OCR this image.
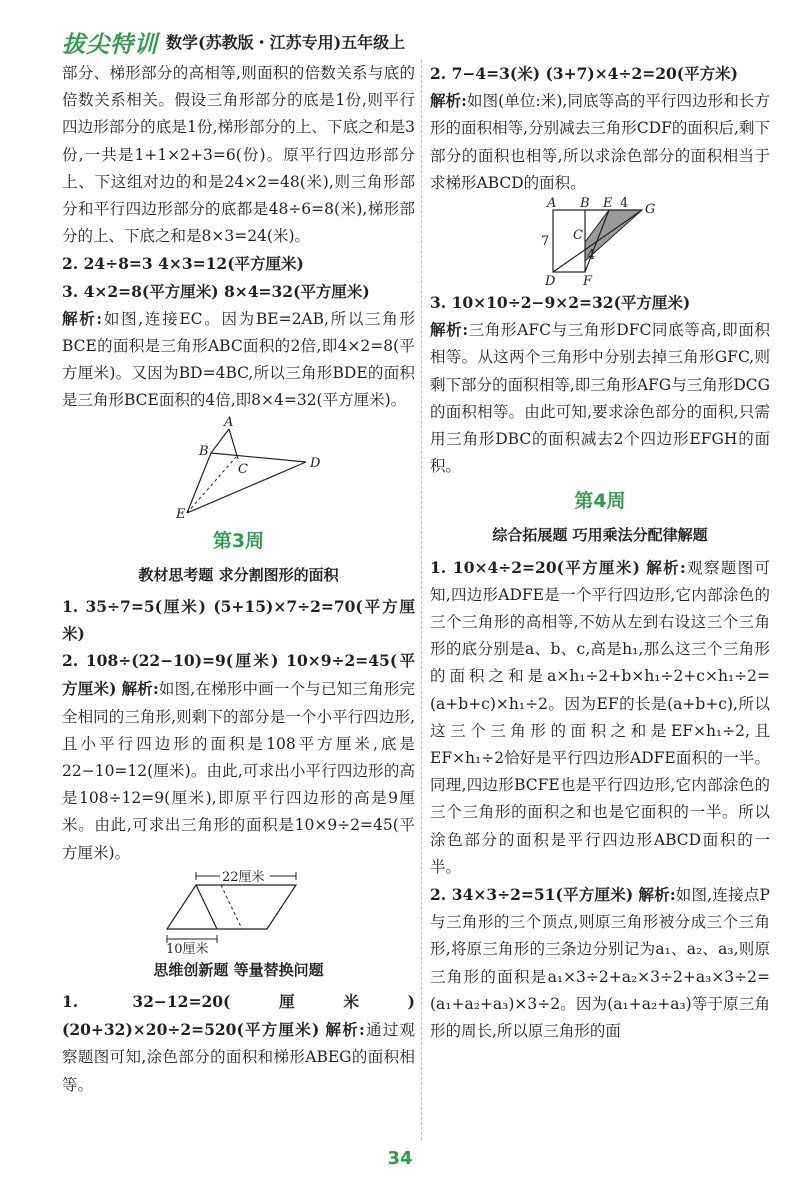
拔尖特训 数学(苏教版・江苏专用)五年级上

部分、梯形部分的高相等,则面积的倍数关系与底的倍数关系相关。假设三角形部分的底是1份,则平行四边形部分的底是1份,梯形部分的上、下底之和是3份,一共是1+1×2+3=6(份)。原平行四边形部分上、下这组对边的和是24×2=48(米),则三角形部分和平行四边形部分的底都是48÷6=8(米),梯形部分的上、下底之和是8×3=24(米)。

2. 24÷8=3 4×3=12(平方厘米)

3. 4×2=8(平方厘米) 8×4=32(平方厘米)

解析:如图,连接EC。因为BE=2AB,所以三角形BCE的面积是三角形ABC面积的2倍,即4×2=8(平方厘米)。又因为BD=4BC,所以三角形BDE的面积是三角形BCE面积的4倍,即8×4=32(平方厘米)。

A
B
C	D
E
第3周
教材思考题 求分割图形的面积

1. 35÷7=5(厘米) (5+15)×7÷2=70(平方厘米)

2. 108÷(22−10)=9(厘米) 10×9÷2=45(平方厘米) 解析:如图,在梯形中画一个与已知三角形完全相同的三角形,则剩下的部分是一个小平行四边形,且小平行四边形的面积是108平方厘米,底是22−10=12(厘米)。由此,可求出小平行四边形的高是108÷12=9(厘米),即原平行四边形的高是9厘米。由此,可求出三角形的面积是10×9÷2=45(平方厘米)。

22厘米
10厘米
思维创新题 等量替换问题

1. 32−12=20(厘米) (20+32)×20÷2=520(平方厘米) 解析:通过观察题图可知,涂色部分的面积和梯形ABEG的面积相等。

2. 7−4=3(米) (3+7)×4÷2=20(平方米)

解析:如图(单位:米),同底等高的平行四边形和长方形的面积相等,分别减去三角形CDF的面积后,剩下部分的面积也相等,所以求涂色部分的面积相当于求梯形ABCD的面积。

A B E 4 G
C
7
4
D F

3. 10×10÷2−9×2=32(平方厘米)

解析:三角形AFC与三角形DFC同底等高,即面积相等。从这两个三角形中分别去掉三角形GFC,则剩下部分的面积相等,即三角形AFG与三角形DCG的面积相等。由此可知,要求涂色部分的面积,只需用三角形DBC的面积减去2个四边形EFGH的面积。

第4周
综合拓展题 巧用乘法分配律解题

1. 10×4÷2=20(平方厘米) 解析:观察题图可知,四边形ADFE是一个平行四边形,它内部涂色的三个三角形的高相等,不妨从左到右设这三个三角形的底分别是a、b、c,高是h₁,那么这三个三角形的面积之和是a×h₁÷2+b×h₁÷2+c×h₁÷2=(a+b+c)×h₁÷2。因为EF的长是(a+b+c),所以这三个三角形的面积之和是EF×h₁÷2,且EF×h₁÷2恰好是平行四边形ADFE面积的一半。同理,四边形BCFE也是平行四边形,它内部涂色的三个三角形的面积之和也是它面积的一半。所以涂色部分的面积是平行四边形ABCD面积的一半。

2. 34×3÷2=51(平方厘米) 解析:如图,连接点P与三角形的三个顶点,则原三角形被分成三个三角形,将原三角形的三条边分别记为a₁、a₂、a₃,则原三角形的面积是a₁×3÷2+a₂×3÷2+a₃×3÷2=(a₁+a₂+a₃)×3÷2。因为(a₁+a₂+a₃)等于原三角形的周长,所以原三角形的面

34
